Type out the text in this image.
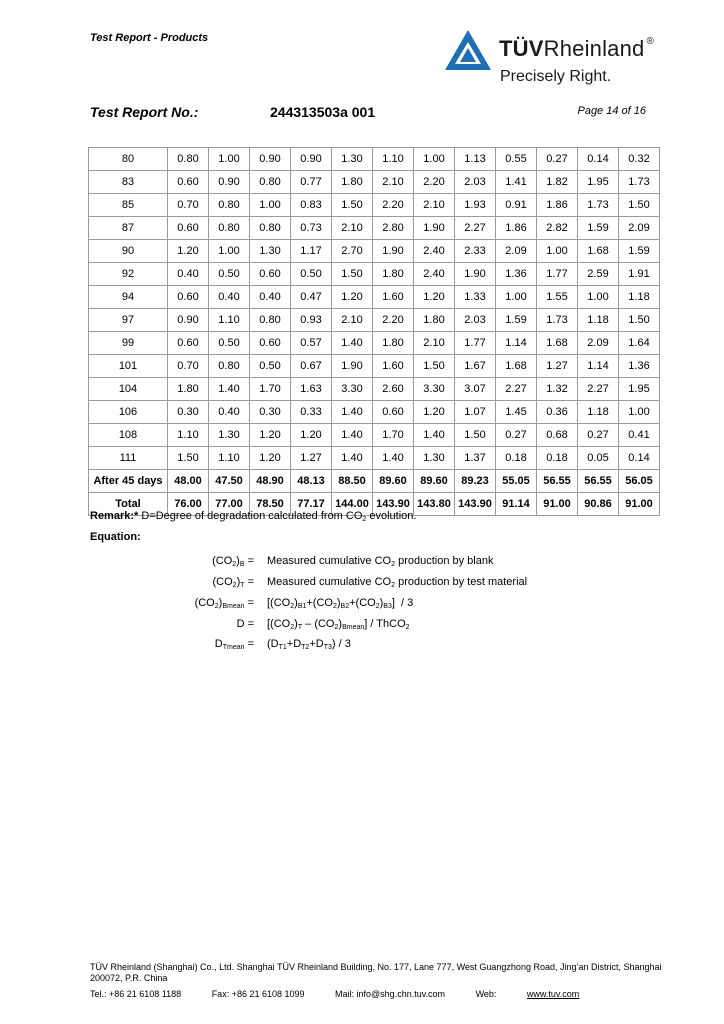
Test Report - Products	TÜVRheinland ®
Precisely Right.
Test Report No.:	244313503a 001	Page 14 of 16
80	0.80	1.00	0.90	0.90	1.30	1.10	1.00	1.13	0.55	0.27	0.14	0.32
83	0.60	0.90	0.80	0.77	1.80	2.10	2.20	2.03	1.41	1.82	1.95	1.73
85	0.70	0.80	1.00	0.83	1.50	2.20	2.10	1.93	0.91	1.86	1.73	1.50
87	0.60	0.80	0.80	0.73	2.10	2.80	1.90	2.27	1.86	2.82	1.59	2.09
90	1.20	1.00	1.30	1.17	2.70	1.90	2.40	2.33	2.09	1.00	1.68	1.59
92	0.40	0.50	0.60	0.50	1.50	1.80	2.40	1.90	1.36	1.77	2.59	1.91
94	0.60	0.40	0.40	0.47	1.20	1.60	1.20	1.33	1.00	1.55	1.00	1.18
97	0.90	1.10	0.80	0.93	2.10	2.20	1.80	2.03	1.59	1.73	1.18	1.50
99	0.60	0.50	0.60	0.57	1.40	1.80	2.10	1.77	1.14	1.68	2.09	1.64
101	0.70	0.80	0.50	0.67	1.90	1.60	1.50	1.67	1.68	1.27	1.14	1.36
104	1.80	1.40	1.70	1.63	3.30	2.60	3.30	3.07	2.27	1.32	2.27	1.95
106	0.30	0.40	0.30	0.33	1.40	0.60	1.20	1.07	1.45	0.36	1.18	1.00
108	1.10	1.30	1.20	1.20	1.40	1.70	1.40	1.50	0.27	0.68	0.27	0.41
111	1.50	1.10	1.20	1.27	1.40	1.40	1.30	1.37	0.18	0.18	0.05	0.14
After 45 days	48.00	47.50	48.90	48.13	88.50	89.60	89.60	89.23	55.05	56.55	56.55	56.05
Total	76.00	77.00	78.50	77.17	144.00	143.90	143.80	143.90	91.14	91.00	90.86	91.00
Remark:* D=Degree of degradation calculated from $CO_2$ evolution.
Equation:
$(CO_2)_B$ = Measured cumulative $CO_2$ production by blank
$(CO_2)_T$ = Measured cumulative $CO_2$ production by test material
$(CO_2)_{Bmean} = [(CO_2)_{B1}+(CO_2)_{B2}+(CO_2)_{B3}] / 3$
$D = [(CO_2)_T - (CO_2)_{Bmean}]$ / ThCO$_2$
$D_{Tmean} = (D_{T1}+D_{T2}+D_{T3}) / 3$
TÜV Rheinland (Shanghai) Co., Ltd. Shanghai TÜV Rheinland Building, No. 177, Lane 777, West Guangzhong Road, Jing’an District, Shanghai 200072, P.R. China
Tel.: +86 21 6108 1188	Fax: +86 21 6108 1099	Mail: info@shg.chn.tuv.com	Web:	www.tuv.com
